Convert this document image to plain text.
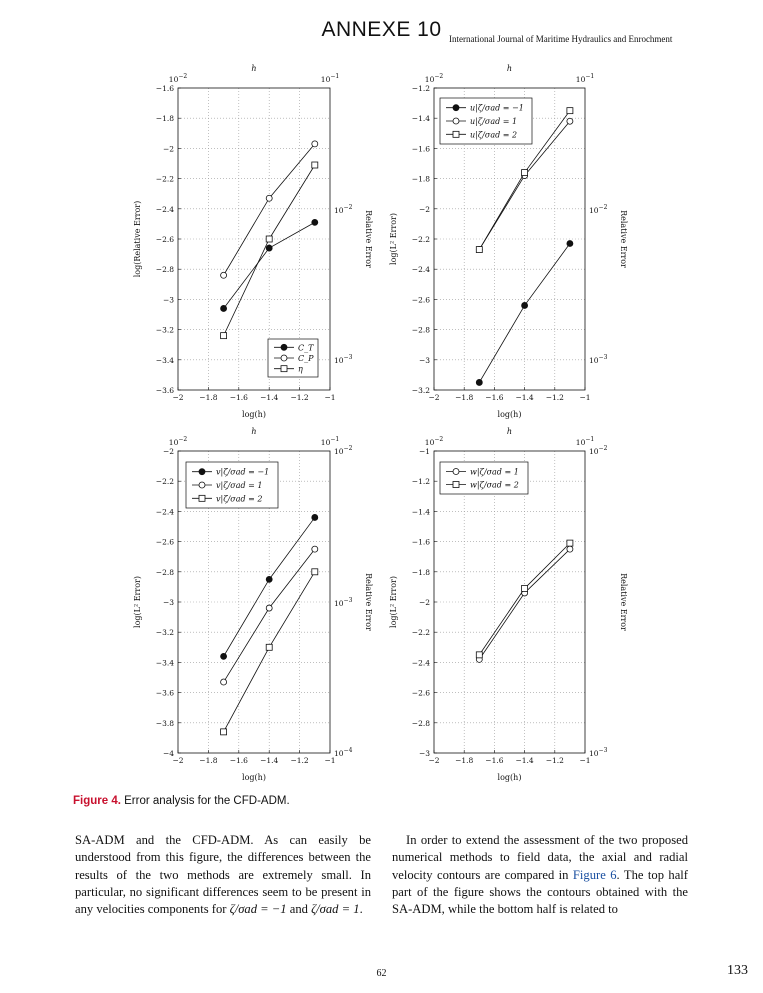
ANNEXE 10 International Journal of Maritime Hydraulics and Enrochment
−2 −1.8 −1.6 −1.4 −1.2 −1
−3.6
−3.4
−3.2
−3
−2.8
−2.6
−2.4
−2.2
−2
−1.8
−1.6
$10^{-2}$	$10^{-1}$
h
$10^{-2}$
$10^{-3}$
Relative Error
log(h)
log(Relative Error)
C_T
C_P
η
−2 −1.8 −1.6 −1.4 −1.2 −1
−3.2
−3
−2.8
−2.6
−2.4
−2.2
−2
−1.8
−1.6
−1.4
−1.2
$10^{-2}$	$10^{-1}$
h
$10^{-2}$
$10^{-3}$
Relative Error
log(h)
log(L² Error)
u|ζ/σad = −1
u|ζ/σad = 1
u|ζ/σad = 2
−2 −1.8 −1.6 −1.4 −1.2 −1
−4
−3.8
−3.6
−3.4
−3.2
−3
−2.8
−2.6
−2.4
−2.2
−2
$10^{-2}$	$10^{-1}$
h
$10^{-2}$
$10^{-3}$
$10^{-4}$
Relative Error
log(h)
log(L² Error)
v|ζ/σad = −1
v|ζ/σad = 1
v|ζ/σad = 2
−2 −1.8 −1.6 −1.4 −1.2 −1
−3
−2.8
−2.6
−2.4
−2.2
−2
−1.8
−1.6
−1.4
−1.2
−1
$10^{-2}$	$10^{-1}$
h
$10^{-2}$
$10^{-3}$
Relative Error
log(h)
log(L² Error)
w|ζ/σad = 1
w|ζ/σad = 2
Figure 4. Error analysis for the CFD-ADM.
SA-ADM and the CFD-ADM. As can easily be understood from this figure, the differences between the results of the two methods are extremely small. In particular, no significant differences seem to be present in any velocities components for ζ/σad = −1 and ζ/σad = 1.
In order to extend the assessment of the two proposed numerical methods to field data, the axial and radial velocity contours are compared in Figure 6. The top half part of the figure shows the contours obtained with the SA-ADM, while the bottom half is related to
62	133
